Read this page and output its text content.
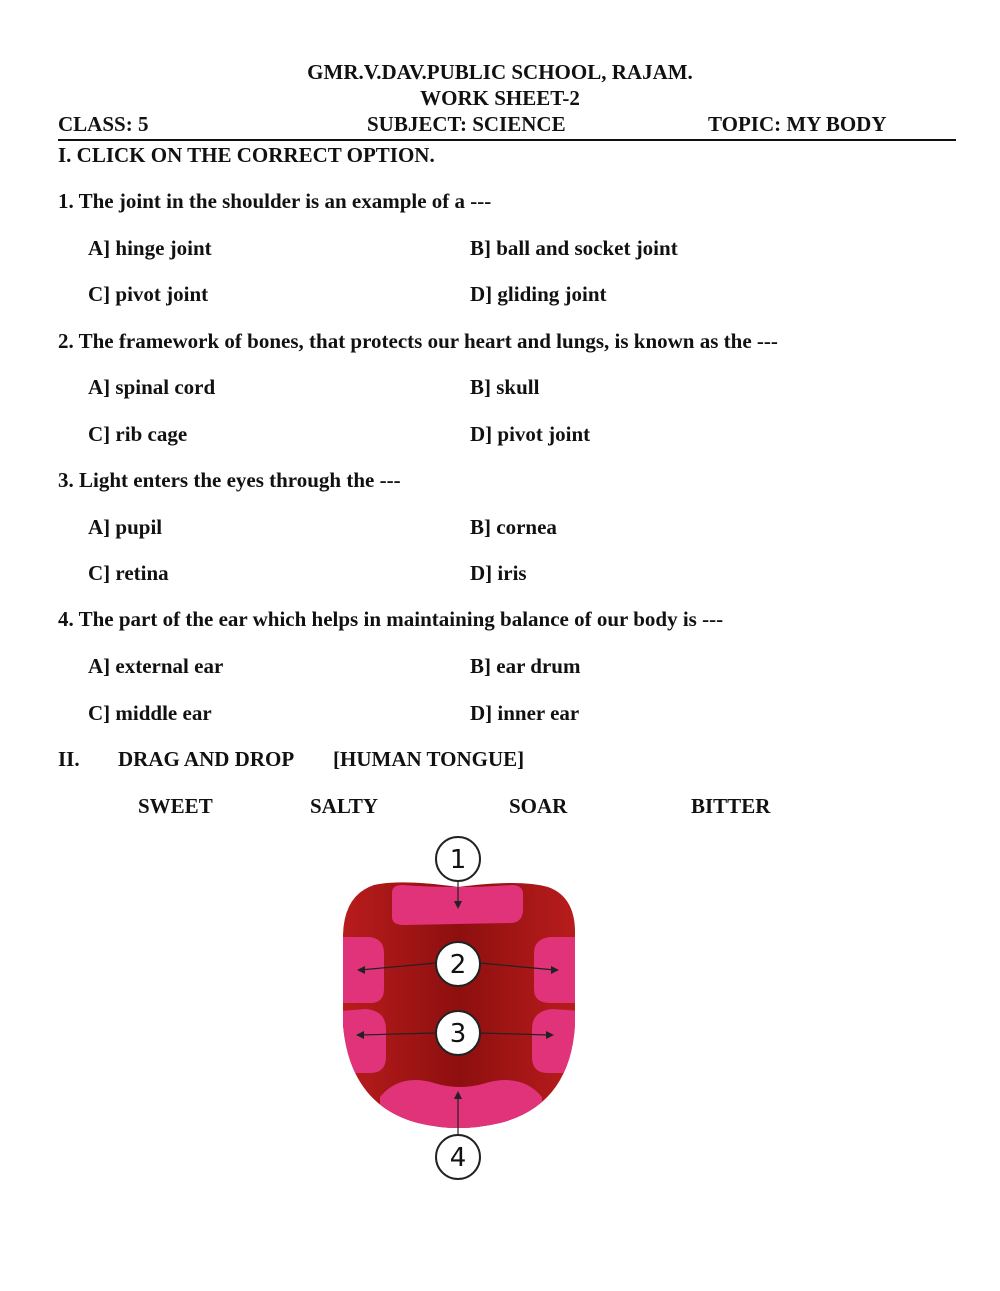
GMR.V.DAV.PUBLIC SCHOOL, RAJAM.
WORK SHEET-2
CLASS: 5	SUBJECT: SCIENCE	TOPIC: MY BODY
I. CLICK ON THE CORRECT OPTION.
1. The joint in the shoulder is an example of a ---
A] hinge joint	B] ball and socket joint
C] pivot joint	D] gliding joint
2. The framework of bones, that protects our heart and lungs, is known as the ---
A] spinal cord	B] skull
C] rib cage	D] pivot joint
3. Light enters the eyes through the ---
A] pupil	B] cornea
C] retina	D] iris
4. The part of the ear which helps in maintaining balance of our body is ---
A] external ear	B] ear drum
C] middle ear	D] inner ear
II. DRAG AND DROP [HUMAN TONGUE]
SWEET	SALTY	SOAR	BITTER
1
2
3
4
